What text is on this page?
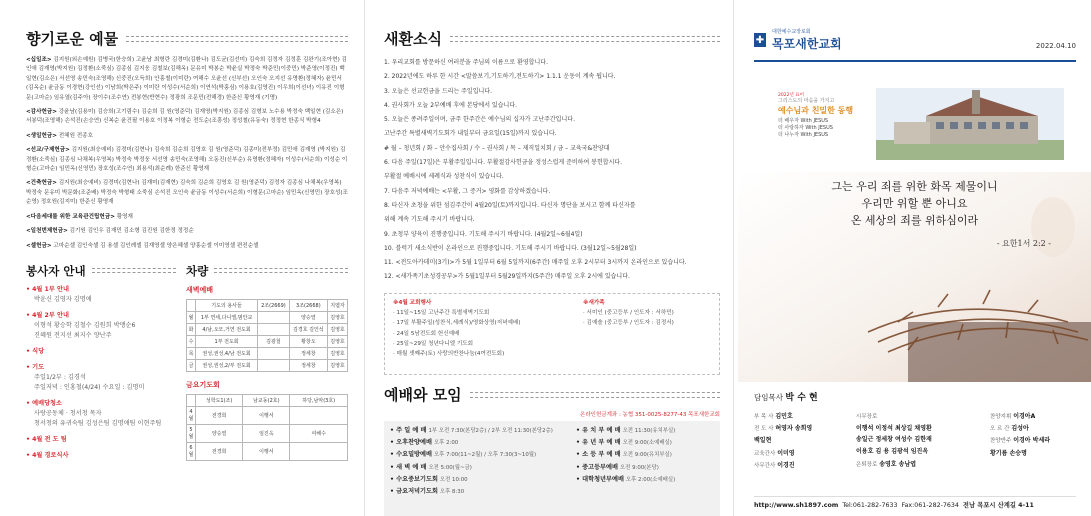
향기로운 예물
<십일조> 김지원(외손예원) 김병국(한승희) 고윤남 최형란 김경미(김환나) 김도균(김선미) 김숙희 김정자 김정훈 김완기(조아현) 김인애 김재영(박지원) 김정환(소죽심) 김종심 김지웅 김철보(김해옥) 문유미 박봉순 박윤실 박정숙 박준민(이중민) 박준영(이정진) 백일현(김소은) 서선영 송민숙(조영해) 신중진(오득희) 안홍철(이미란) 여해수 오윤선 (신부선) 오인숙 오지선 유명환(정혜자) 윤민서(김옥순) 윤금동 이경현(강인선) 이남희(박은주) 이미란 이성수(서순희) 이연석(박홍심) 이용호(김영진) 이우희(이선녀) 이유진 이형문(고마순) 임유열(김주아) 장이수(조수연) 전봉현(반현수) 정광희 조문민(전해경) 한준신 황영재 (기명)
<감사헌금> 강윤남(김용미) 김승희(고기림수) 김순희 김 원(영준덕) 김재영(박지원) 김종심 김형보 노수용 박정숙 백일현 (김소은) 서봉덕(조영해) 손석진(손승연) 신복순 윤건필 이용호 이정복 이형순 전도순(조흥성) 정성철(유동숙) 정정현 한종식 박형4
<생일헌금> 전혜원 전종호
<선교/구제헌금> 김지원(최승예비) 김경미(김현나) 김숙희 김순희 김영호 김 원(영준덕) 김종미(전부정) 김민애 김재영 (박지원) 김정환(소죽심) 김종심 나채복(우영복) 박정숙 박정웅 서선영 송민숙(조영해) 오동진(신부순) 유명환(정혜자) 이성수(서순희) 이성순 이형순(고마순) 임민옥(신영민) 장호성(조수연) 최용석(최순례) 한준신 황영재
<건축헌금> 김지원(최승예비) 김경미(김현나) 김재미(김재현) 김숙희 김순희 김영호 김 원(영준덕) 김정자 김종심 나채복(우영복) 박정숙 문유미 박문화(조준배) 박정숙 박형태 소죽심 손석진 오인숙 윤금동 이성수(서순희) 이형문(고마순) 임민옥(신영민) 장호성(조순영) 정호원(김지미) 한준신 황영재
<다음세대를 위한 교육관건립헌금> 황영재
<일천번제헌금> 김기원 김인우 김재민 김소형 김진원 김한정 정정순
<셀헌금> 고마순셀 김인숙셀 김 용셀 김인례셀 김재영셀 양은혜셀 양홍순셀 이미영셀 편전순셀
봉사자 안내
• 4월 1부 안내
박윤신 김영자 김명애
• 4월 2부 안내
이형석 황승학 김철수 김원희 박맹순6
진혜원 전지선 최지수 양난주
• 식당
• 기도
주일1/2부 : 김경석
주일저녁 : 인홍철(4/24) 수요일 : 김명미
• 예배당청소
사랑공동체 · 청서청 목자
청서청의 유귀숙팀 김성은팀 김명애팀 이현주팀
• 4월 전 도 팀
• 4월 경로식사
차량
새벽예배
	기도의 용사들	2조(2669)	3조(2668)	지엽자
월	1부 연세,다니엘,범안교		양승열	김영호
화	4/남,오모,거연 전도회		김경호 김인석	김영호
수	1부 전도회	김광철	황창오	김영호
목	권성,권성,4/남 전도회		정세창	김영호
금	권성,권성,2/부 전도회		정세창	김영호
금요기도회
	성학도1(조)	남교동(2호)	하당,남악(3호)
4월	전경희	이행서	
5월	양승열	임진옥	여해수
6월	전경희	이행서	
새환소식
1. 우리교회를 방문하신 여러분을 주님의 이름으로 환영합니다.
2. 2022년에도 하루 한 시간 <말씀보기,기도하기,전도하기> 1.1.1 운동이 계속 됩니다.
3. 오늘은 선교헌금을 드리는 주일입니다.
4. 권사회가 오늘 2부예배 후에 본당에서 있습니다.
5. 오늘은 종려주일이며, 금주 한주간은 예수님의 십자가 고난주간입니다.
고난주간 특별새벽기도회가 내일부터 금요일(15일)까지 있습니다.
# 월 – 청년회 / 화 – 안수집사회 / 수 – 권사회 / 목 – 제직일치회 / 금 – 교육국&찬양대
6. 다음 주일(17일)은 부활주일입니다. 부활절감사헌금을 정성스럽게 준비하여 봉헌합시다.
부활절 예배시에 세례식과 성찬식이 있습니다.
7. 다음주 저녁예배는 <부활, 그 증거> 영화를 감상하겠습니다.
8. 타신자 초청을 위한 섬김주간이 4월20일(토)까지입니다. 타신자 명단을 보시고 함께 타신자를
위해 계속 기도해 주시기 바랍니다.
9. 초청부 양육이 진행중입니다. 기도해 주시기 바랍니다. (4월2일~6월4일)
10. 블럭기 새소식반이 온라인으로 진행중입니다. 기도해 주시기 바랍니다. (3월12일~5월28일)
11. <전도아카데미(3기)>가 5월 1일부터 6월 5일까지(6주간) 매주일 오후 2시부터 3시까지 온라인으로 있습니다.
12. <새가족기초성경공부>가 5월1일부터 5월29일까지(5주간) 매주일 오후 2시에 있습니다.
※4월 교회행사
· 11일~15일 고난주간 특별새벽기도회
· 17일 부활주일(성찬식,세례식)/영화상영(저녁예배)
· 24일 5남전도회 헌신예배
· 25일~29일 청년다니엘 기도회
· 매월 셋째주(토) 사랑의반찬나눔(4여전도회)
※새가족
· 서미인 (중고등부 / 인도자 : 서하민)
· 김예솔 (중고등부 / 인도자 : 김정서)
예배와 모임
온라인헌금계좌 : 농협 351-0025-8277-43 목포새한교회
• 주 일 예 배 1부 오전 7:30(본당2층) / 2부 오전 11:30(본당2층)
• 오후찬양예배 오후 2:00
• 수요밀방예배 오후 7:00(11~2월) / 오후 7:30(3~10월)
• 새 벽 예 배 오전 5:00(월~금)
• 수요중보기도회 오전 10:00
• 금요저녁기도회 오후 8:30
• 유 치 부 예 배 오전 11:30(유치부실)
• 유 년 부 예 배 오전 9:00(소예배실)
• 소 등 부 예 배 오전 9:00(유치부실)
• 중고등부예배 오전 9:00(본당)
• 대학청년부예배 오후 2:00(소예배실)
✚
대한예수교장로회
목포새한교회	2022.04.10
2022년 표어
그리스도의 마음을 가지고
예수님과 친밀한 동행
더 배우자 With JESUS
더 사랑하자 With JESUS
더 나누자 With JESUS
그는 우리 죄를 위한 화목 제물이니
우리만 위할 뿐 아니요
온 세상의 죄를 위하심이라
- 요한1서 2:2 -
담임목사 박 수 현
부 목 사 김민호
전 도 사 허영자 송희영
백일현
교육간사 이미영
사무간사 이경진
시무장로
이행석 이정석 최상길 채영환
송일근 정세창 여성수 김한재
이용호 김 용 김광석 임진옥
은퇴장로 송영호 송남엽
찬양지휘 이경아A
오 르 간 김성아
찬양반주 이경아 박세라
황기름 손승명
http://www.sh1897.com Tel:061-282-7633 Fax:061-282-7634 전남 목포시 산계길 4-11
